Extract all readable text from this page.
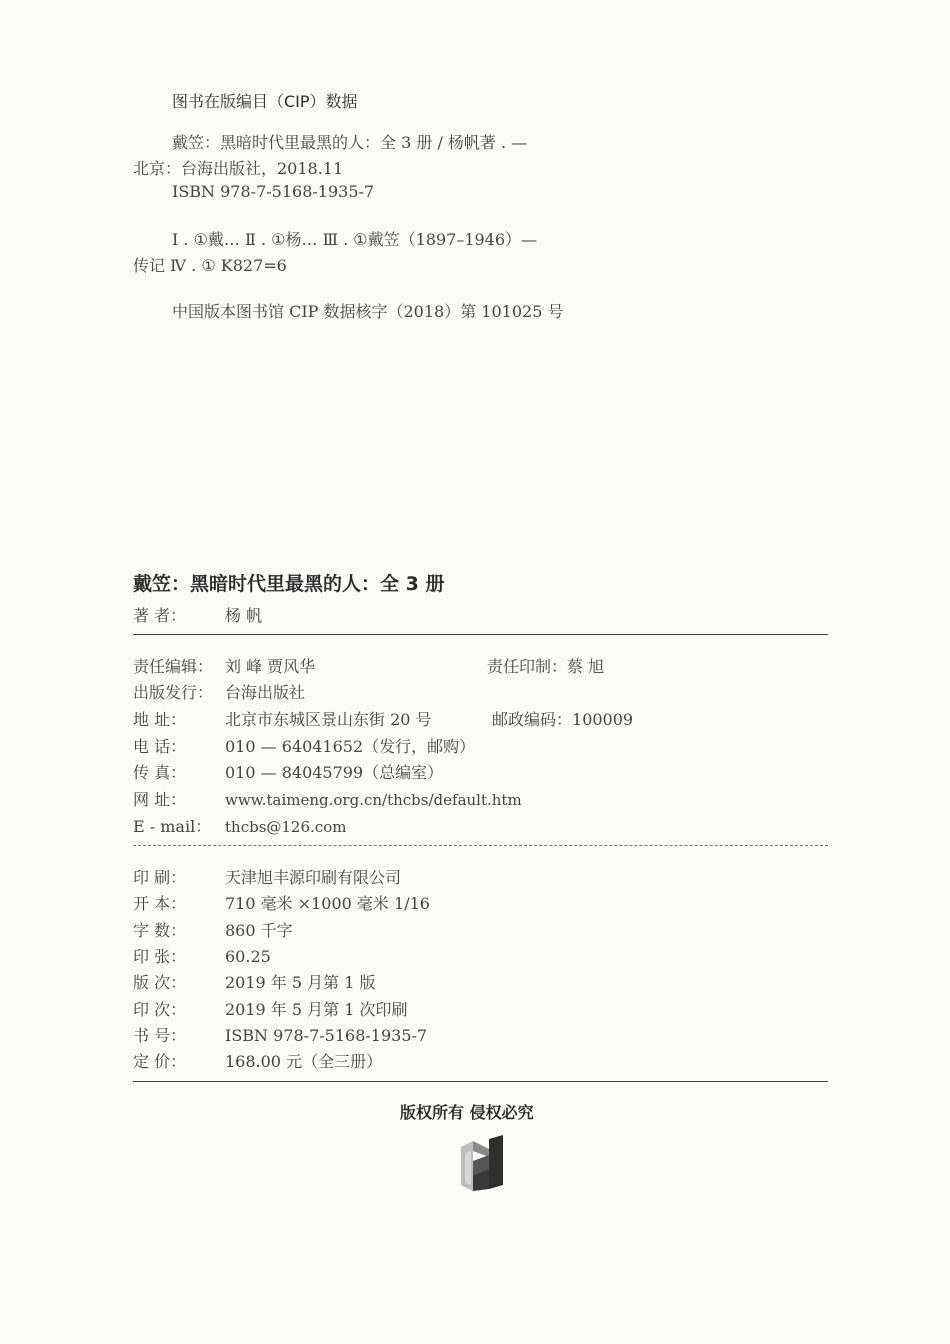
图书在版编目（CIP）数据
戴笠：黑暗时代里最黑的人：全 3 册 / 杨帆著 . —
北京：台海出版社，2018.11
ISBN 978-7-5168-1935-7
Ⅰ . ①戴… Ⅱ . ①杨… Ⅲ . ①戴笠（1897–1946）—
传记 Ⅳ . ① K827=6
中国版本图书馆 CIP 数据核字（2018）第 101025 号
戴笠：黑暗时代里最黑的人：全 3 册
著 者： 杨 帆
责任编辑： 刘 峰 贾风华	责任印制：蔡 旭
出版发行： 台海出版社
地 址： 北京市东城区景山东街 20 号	邮政编码：100009
电 话： 010 — 64041652（发行，邮购）
传 真： 010 — 84045799（总编室）
网 址：	www.taimeng.org.cn/thcbs/default.htm
E - mail： thcbs@126.com
印 刷： 天津旭丰源印刷有限公司
开 本： 710 毫米 ×1000 毫米 1/16
字 数： 860 千字
印 张： 60.25
版 次： 2019 年 5 月第 1 版
印 次： 2019 年 5 月第 1 次印刷
书 号： ISBN 978-7-5168-1935-7
定 价： 168.00 元（全三册）
版权所有 侵权必究
